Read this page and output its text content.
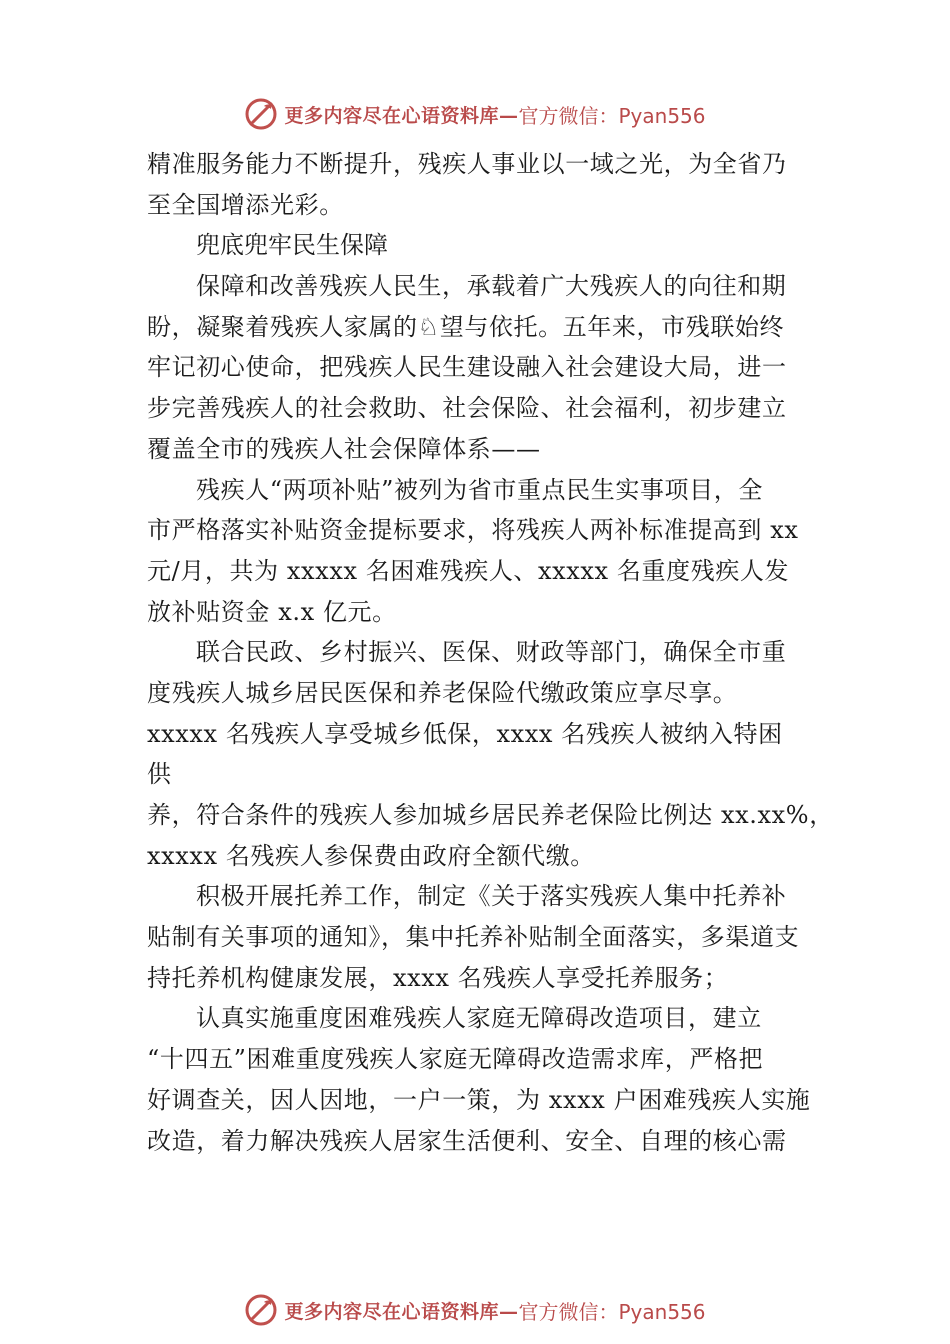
更多内容尽在心语资料库— 官方微信：Pyan556
精准服务能力不断提升，残疾人事业以一域之光，为全省乃
至全国增添光彩。
兜底兜牢民生保障
保障和改善残疾人民生，承载着广大残疾人的向往和期
盼，凝聚着残疾人家属的♘望与依托。五年来，市残联始终
牢记初心使命，把残疾人民生建设融入社会建设大局，进一
步完善残疾人的社会救助、社会保险、社会福利，初步建立
覆盖全市的残疾人社会保障体系——
残疾人“两项补贴”被列为省市重点民生实事项目，全
市严格落实补贴资金提标要求，将残疾人两补标准提高到 xx
元/月，共为 xxxxx 名困难残疾人、xxxxx 名重度残疾人发
放补贴资金 x.x 亿元。
联合民政、乡村振兴、医保、财政等部门，确保全市重
度残疾人城乡居民医保和养老保险代缴政策应享尽享。
xxxxx 名残疾人享受城乡低保，xxxx 名残疾人被纳入特困
供
养，符合条件的残疾人参加城乡居民养老保险比例达 xx.xx%，
xxxxx 名残疾人参保费由政府全额代缴。
积极开展托养工作，制定《关于落实残疾人集中托养补
贴制有关事项的通知》，集中托养补贴制全面落实，多渠道支
持托养机构健康发展，xxxx 名残疾人享受托养服务；
认真实施重度困难残疾人家庭无障碍改造项目，建立
“十四五”困难重度残疾人家庭无障碍改造需求库，严格把
好调查关，因人因地，一户一策，为 xxxx 户困难残疾人实施
改造，着力解决残疾人居家生活便利、安全、自理的核心需
更多内容尽在心语资料库— 官方微信：Pyan556
